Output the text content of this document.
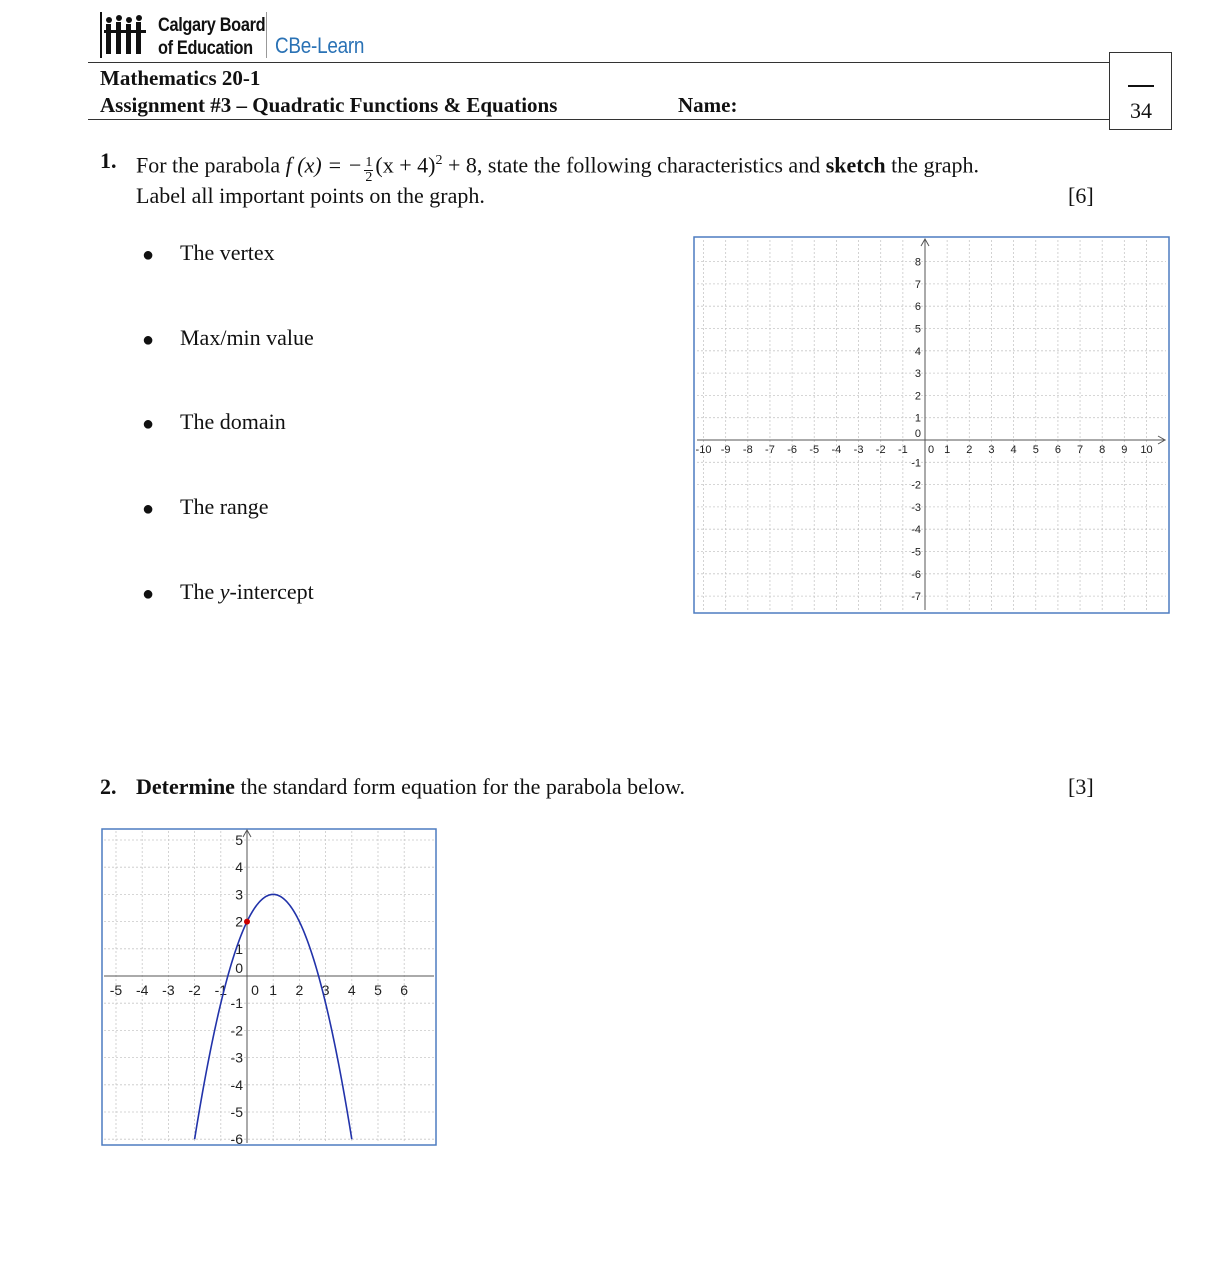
Calgary Board
of Education	CBe-Learn
Mathematics 20-1
Assignment #3 – Quadratic Functions & Equations	Name:	34
1. For the parabola f (x) = − $\frac{1}{2} (x + 4)^2 + 8$, state the following characteristics and sketch the graph.
Label all important points on the graph.	[6]
● The vertex
● Max/min value
● The domain
● The range
● The y-intercept
-10 -9 -8 -7 -6 -5 -4 -3 -2 -1 0 1 2 3 4 5 6 7 8 9 10
8
7
6
5
4
3
2
1
0
-1
-2
-3
-4
-5
-6
-7
2. Determine the standard form equation for the parabola below.	[3]
-5 -4 -3 -2 -1 0 1 2 3 4 5 6
5
4
3
2
1
0
-1
-2
-3
-4
-5
-6
